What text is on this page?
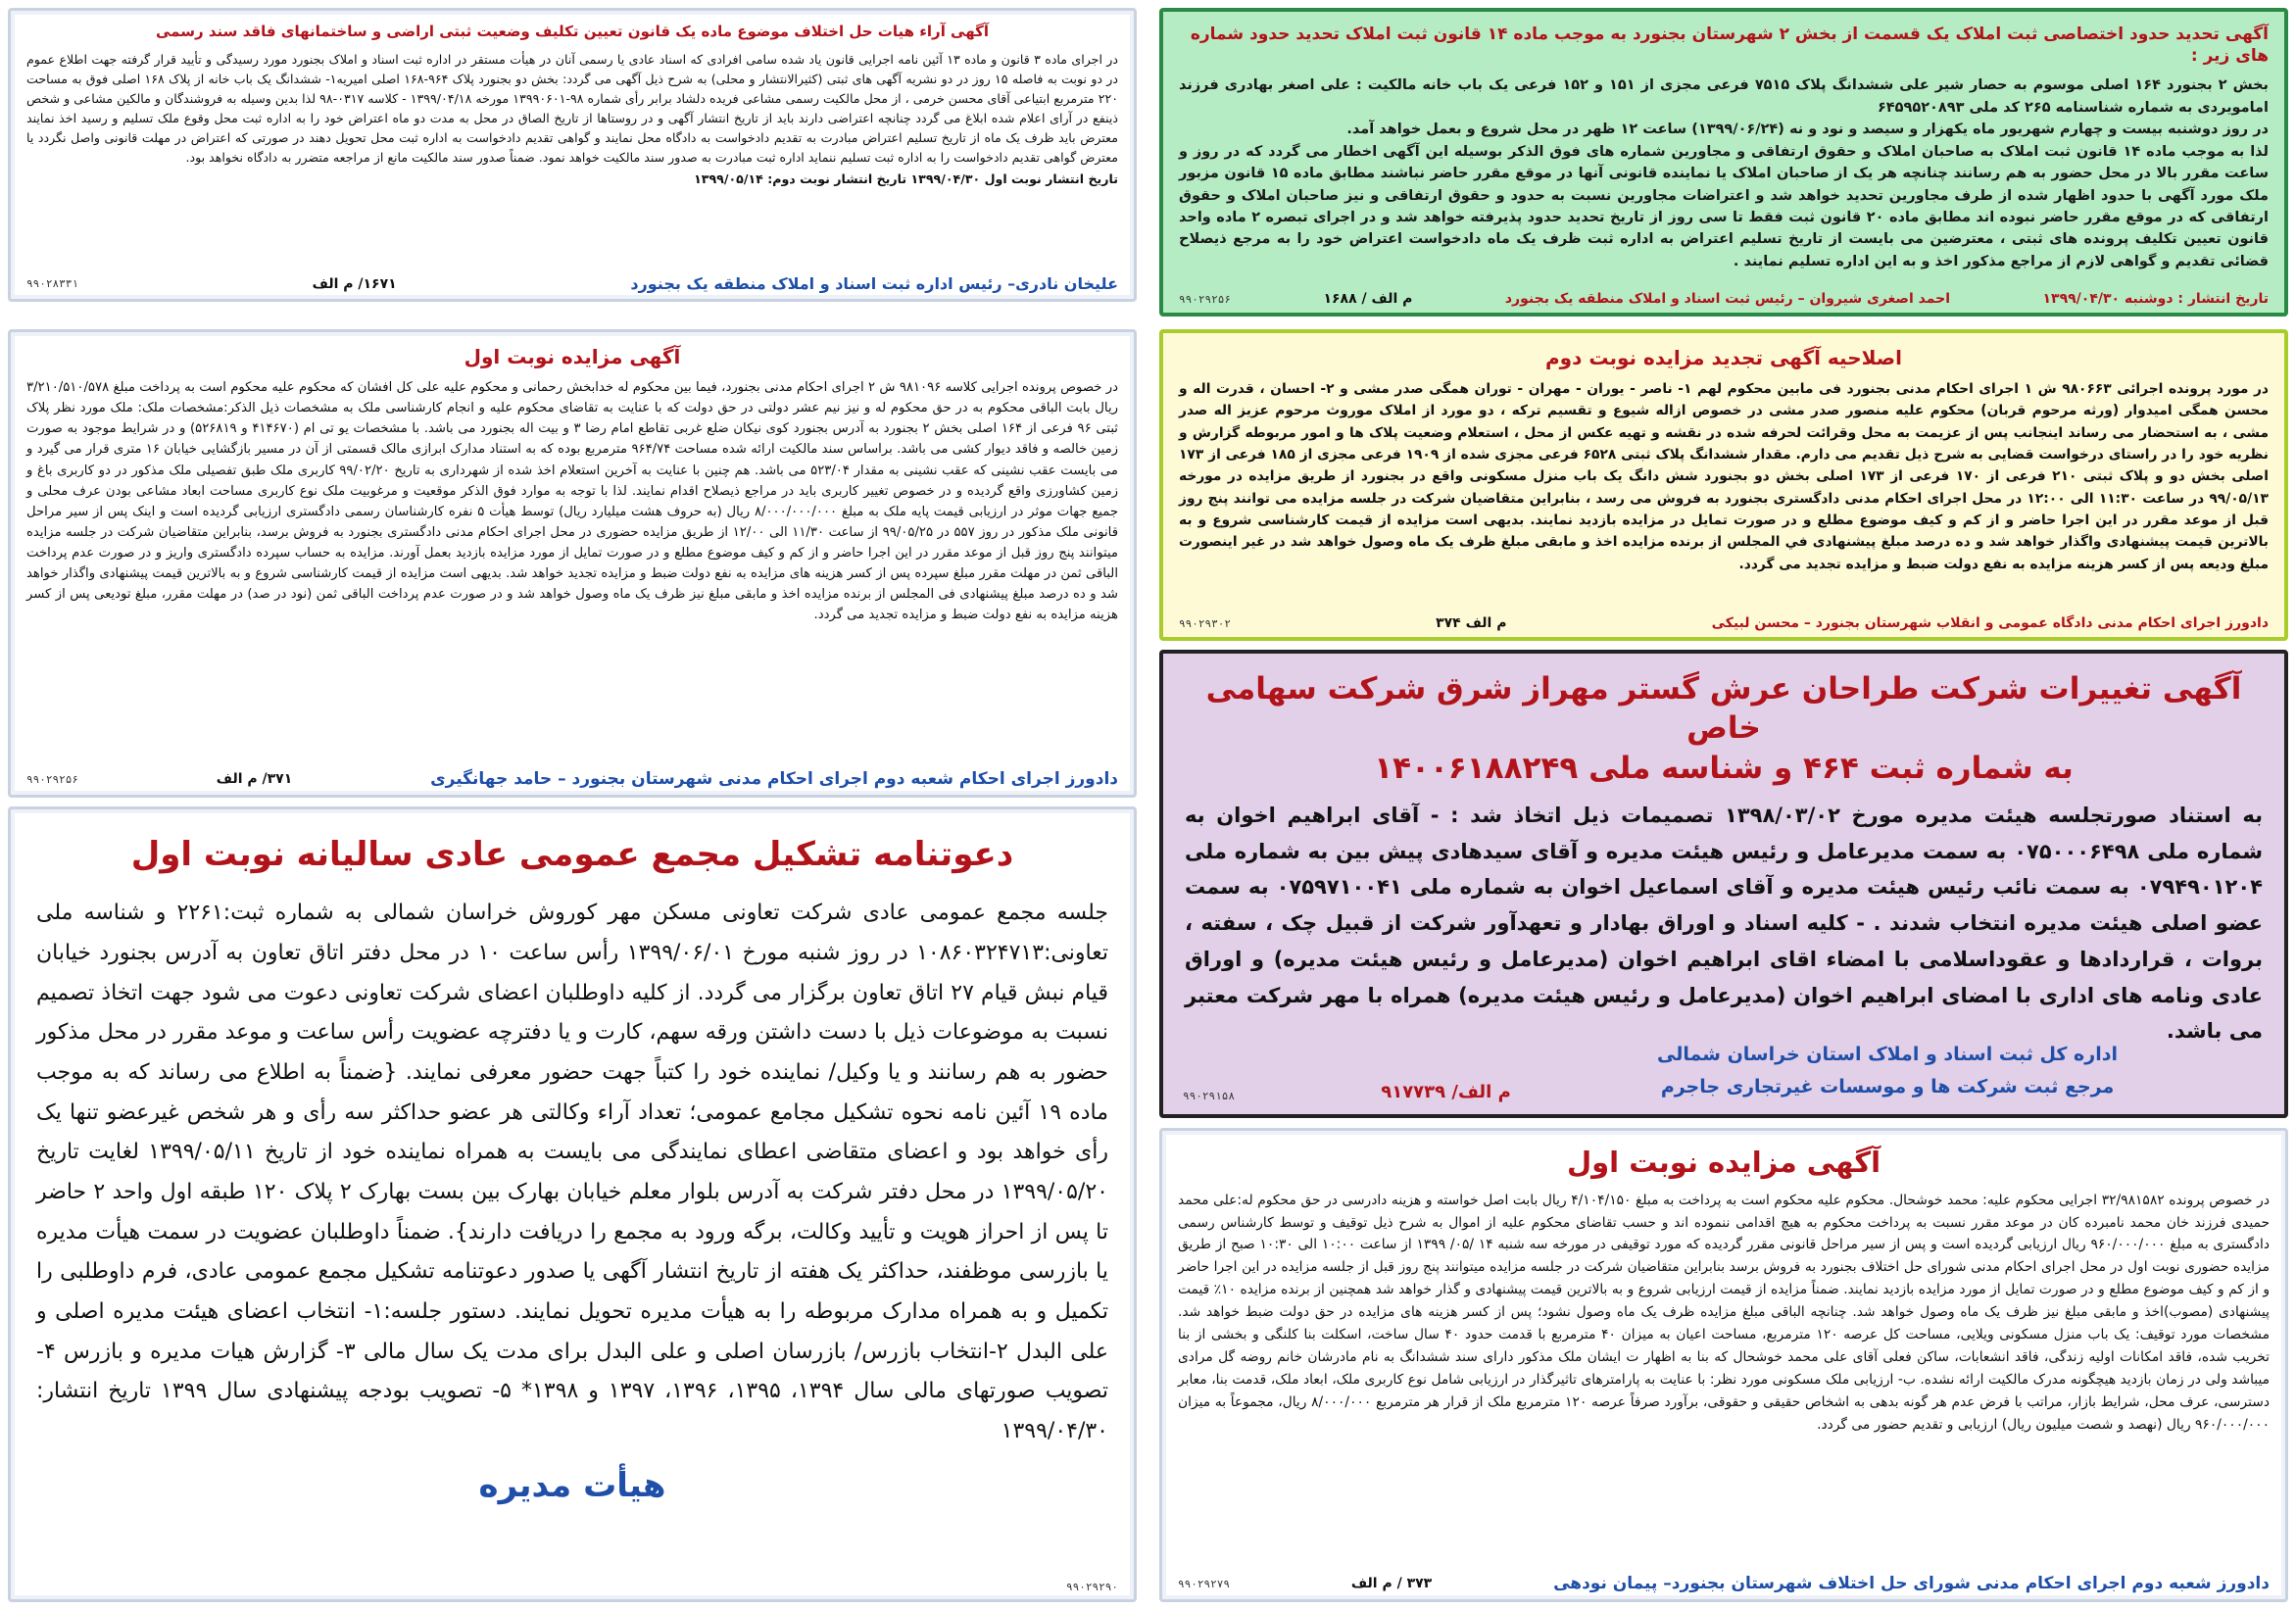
آگهی تحدید حدود اختصاصی ثبت املاک یک قسمت از بخش ۲ شهرستان بجنورد به موجب ماده ۱۴ قانون ثبت املاک تحدید حدود شماره های زیر :
بخش ۲ بجنورد ۱۶۴ اصلی موسوم به حصار شیر علی ششدانگ پلاک ۷۵۱۵ فرعی مجزی از ۱۵۱ و ۱۵۲ فرعی یک باب خانه مالکیت : علی اصغر بهادری فرزند امامویردی به شماره شناسنامه ۲۶۵ کد ملی ۶۴۵۹۵۲۰۸۹۳
در روز دوشنبه بیست و چهارم شهریور ماه یکهزار و سیصد و نود و نه (۱۳۹۹/۰۶/۲۴) ساعت ۱۲ ظهر در محل شروع و بعمل خواهد آمد.
لذا به موجب ماده ۱۴ قانون ثبت املاک به صاحبان املاک و حقوق ارتفاقی و مجاورین شماره های فوق الذکر بوسیله این آگهی اخطار می گردد که در روز و ساعت مقرر بالا در محل حضور به هم رسانند چنانچه هر یک از صاحبان املاک یا نماینده قانونی آنها در موقع مقرر حاضر نباشند مطابق ماده ۱۵ قانون مزبور ملک مورد آگهی با حدود اظهار شده از طرف مجاورین تحدید خواهد شد و اعتراضات مجاورین نسبت به حدود و حقوق ارتفاقی و نیز صاحبان املاک و حقوق ارتفاقی که در موقع مقرر حاضر نبوده اند مطابق ماده ۲۰ قانون ثبت فقط تا سی روز از تاریخ تحدید حدود پذیرفته خواهد شد و در اجرای تبصره ۲ ماده واحد قانون تعیین تکلیف پرونده های ثبتی ، معترضین می بایست از تاریخ تسلیم اعتراض به اداره ثبت ظرف یک ماه دادخواست اعتراض خود را به مرجع ذیصلاح قضائی تقدیم و گواهی لازم از مراجع مذکور اخذ و به این اداره تسلیم نمایند .
تاریخ انتشار : دوشنبه ۱۳۹۹/۰۴/۳۰
احمد اصغری شیروان – رئیس ثبت اسناد و املاک منطقه یک بجنورد
م الف / ۱۶۸۸
۹۹۰۲۹۲۵۶
اصلاحیه آگهی تجدید مزایده نوبت دوم
در مورد پرونده اجرائی ۹۸۰۶۶۳ ش ۱ اجرای احکام مدنی بجنورد فی مابین محکوم لهم ۱- ناصر - یوران - مهران - توران همگی صدر مشی و ۲- احسان ، قدرت اله و محسن همگی امیدوار (ورثه مرحوم قربان) محکوم علیه منصور صدر مشی در خصوص ازاله شیوع و تقسیم ترکه ، دو مورد از املاک موروث مرحوم عزیز اله صدر مشی ، به استحضار می رساند اینجانب پس از عزیمت به محل وقرائت لحرفه شده در نقشه و تهیه عکس از محل ، استعلام وضعیت پلاک ها و امور مربوطه گزارش و نظریه خود را در راستای درخواست قضایی به شرح ذیل تقدیم می دارم. مقدار ششدانگ پلاک ثبتی ۶۵۲۸ فرعی مجزی شده از ۱۹۰۹ فرعی مجزی از ۱۸۵ فرعی از ۱۷۳ اصلی بخش دو و پلاک ثبتی ۲۱۰ فرعی از ۱۷۰ فرعی از ۱۷۳ اصلی بخش دو بجنورد شش دانگ یک باب منزل مسکونی واقع در بجنورد از طریق مزایده در مورخه ۹۹/۰۵/۱۳ در ساعت ۱۱:۳۰ الی ۱۲:۰۰ در محل اجرای احکام مدنی دادگستری بجنورد به فروش می رسد ، بنابراین متقاضیان شرکت در جلسه مزایده می توانند پنج روز قبل از موعد مقرر در این اجرا حاضر و از کم و کیف موضوع مطلع و در صورت تمایل در مزایده بازدید نمایند. بدیهی است مزایده از قیمت کارشناسی شروع و به بالاترین قیمت پیشنهادی واگذار خواهد شد و ده درصد مبلغ پیشنهادی في المجلس از برنده مزایده اخذ و مابقی مبلغ ظرف یک ماه وصول خواهد شد در غیر اینصورت مبلغ ودیعه پس از کسر هزینه مزایده به نفع دولت ضبط و مزایده تجدید می گردد.
دادورز اجرای احکام مدنی دادگاه عمومی و انقلاب شهرستان بجنورد – محسن لبیکی
م الف ۳۷۴
۹۹۰۲۹۳۰۲
آگهی تغییرات شرکت طراحان عرش گستر مهراز شرق شرکت سهامی خاص
به شماره ثبت ۴۶۴ و شناسه ملی ۱۴۰۰۶۱۸۸۲۴۹
به استناد صورتجلسه هیئت مدیره مورخ ۱۳۹۸/۰۳/۰۲ تصمیمات ذیل اتخاذ شد : - آقای ابراهیم اخوان به شماره ملی ۰۷۵۰۰۰۶۴۹۸ به سمت مدیرعامل و رئیس هیئت مدیره و آقای سیدهادی پیش بین به شماره ملی ۰۷۹۴۹۰۱۲۰۴ به سمت نائب رئیس هیئت مدیره و آقای اسماعیل اخوان به شماره ملی ۰۷۵۹۷۱۰۰۴۱ به سمت عضو اصلی هیئت مدیره انتخاب شدند . - کلیه اسناد و اوراق بهادار و تعهدآور شرکت از قبیل چک ، سفته ، بروات ، قراردادها و عقوداسلامی با امضاء اقای ابراهیم اخوان (مدیرعامل و رئیس هیئت مدیره) و اوراق عادی ونامه های اداری با امضای ابراهیم اخوان (مدیرعامل و رئیس هیئت مدیره) همراه با مهر شرکت معتبر می باشد.
اداره کل ثبت اسناد و املاک استان خراسان شمالی
مرجع ثبت شرکت ها و موسسات غیرتجاری جاجرم
م الف/ ۹۱۷۷۳۹
۹۹۰۲۹۱۵۸
آگهی مزایده نوبت اول
در خصوص پرونده ۳۲/۹۸۱۵۸۲ اجرایی محکوم علیه: محمد خوشحال. محکوم علیه محکوم است به پرداخت به مبلغ ۴/۱۰۴/۱۵۰ ریال بابت اصل خواسته و هزینه دادرسی در حق محکوم له:علی محمد حمیدی فرزند خان محمد نامبرده کان در موعد مقرر نسبت به پرداخت محکوم به هیچ اقدامی ننموده اند و حسب تقاضای محکوم علیه از اموال به شرح ذیل توقیف و توسط کارشناس رسمی دادگستری به مبلغ ۹۶۰/۰۰۰/۰۰۰ ریال ارزیابی گردیده است و پس از سیر مراحل قانونی مقرر گردیده که مورد توقیفی در مورخه سه شنبه ۱۴ /۰۵/ ۱۳۹۹ از ساعت ۱۰:۰۰ الی ۱۰:۳۰ صبح از طریق مزایده حضوری نوبت اول در محل اجرای احکام مدنی شورای حل اختلاف بجنورد به فروش برسد بنابراین متقاضیان شرکت در جلسه مزایده میتوانند پنج روز قبل از جلسه مزایده در این اجرا حاضر و از کم و کیف موضوع مطلع و در صورت تمایل از مورد مزایده بازدید نمایند. ضمناً مزایده از قیمت ارزیابی شروع و به بالاترین قیمت پیشنهادی و گذار خواهد شد همچنین از برنده مزایده ۱۰٪ قیمت پیشنهادی (مصوب)اخذ و مابقی مبلغ نیز ظرف یک ماه وصول خواهد شد. چنانچه الباقی مبلغ مزایده ظرف یک ماه وصول نشود؛ پس از کسر هزینه های مزایده در حق دولت ضبط خواهد شد. مشخصات مورد توقیف: یک باب منزل مسکونی ویلایی، مساحت کل عرصه ۱۲۰ مترمربع، مساحت اعیان به میزان ۴۰ مترمربع با قدمت حدود ۴۰ سال ساخت، اسکلت بنا کلنگی و بخشی از بنا تخریب شده، فاقد امکانات اولیه زندگی، فاقد انشعابات، ساکن فعلی آقای علی محمد خوشحال که بنا به اظهار ت ایشان ملک مذکور دارای سند ششدانگ به نام مادرشان خانم روضه گل مرادی میباشد ولی در زمان بازدید هیچگونه مدرک مالکیت ارائه نشده. ب- ارزیابی ملک مسکونی مورد نظر: با عنایت به پارامترهای تاثیرگذار در ارزیابی شامل نوع کاربری ملک، ابعاد ملک، قدمت بنا، معابر دسترسی، عرف محل، شرایط بازار، مراتب با فرض عدم هر گونه بدهی به اشخاص حقیقی و حقوقی، برآورد صرفاً عرصه ۱۲۰ مترمربع ملک از قرار هر مترمربع ۸/۰۰۰/۰۰۰ ریال، مجموعاً به میزان ۹۶۰/۰۰۰/۰۰۰ ریال (نهصد و شصت میلیون ریال) ارزیابی و تقدیم حضور می گردد.
دادورز شعبه دوم اجرای احکام مدنی شورای حل اختلاف شهرستان بجنورد– پیمان نودهی
۳۷۳ / م الف
۹۹۰۲۹۲۷۹
آگهی آراء هیات حل اختلاف موضوع ماده یک قانون تعیین تکلیف وضعیت ثبتی اراضی و ساختمانهای فاقد سند رسمی
در اجرای ماده ۳ قانون و ماده ۱۳ آئین نامه اجرایی قانون یاد شده سامی افرادی که اسناد عادی یا رسمی آنان در هیأت مستقر در اداره ثبت اسناد و املاک بجنورد مورد رسیدگی و تأیید قرار گرفته جهت اطلاع عموم در دو نوبت به فاصله ۱۵ روز در دو نشریه آگهی های ثبتی (کثیرالانتشار و محلی) به شرح ذیل آگهی می گردد: بخش دو بجنورد پلاک ۹۶۴-۱۶۸ اصلی امیریه۱- ششدانگ یک باب خانه از پلاک ۱۶۸ اصلی فوق به مساحت ۲۲۰ مترمربع ابتیاعی آقای محسن خرمی ، از محل مالکیت رسمی مشاعی فریده دلشاد برابر رأی شماره ۹۸-۱۳۹۹۰۶۰۱ مورخه ۱۳۹۹/۰۴/۱۸ - کلاسه ۰۳۱۷-۹۸ لذا بدین وسیله به فروشندگان و مالکین مشاعی و شخص ذینفع در آرای اعلام شده ابلاغ می گردد چنانچه اعتراضی دارند باید از تاریخ انتشار آگهی و در روستاها از تاریخ الصاق در محل به مدت دو ماه اعتراض خود را به اداره ثبت محل وقوع ملک تسلیم و رسید اخذ نمایند معترض باید ظرف یک ماه از تاریخ تسلیم اعتراض مبادرت به تقدیم دادخواست به دادگاه محل نمایند و گواهی تقدیم دادخواست به اداره ثبت محل تحویل دهند در صورتی که اعتراض در مهلت قانونی واصل نگردد یا معترض گواهی تقدیم دادخواست را به اداره ثبت تسلیم ننماید اداره ثبت مبادرت به صدور سند مالکیت خواهد نمود. ضمناً صدور سند مالکیت مانع از مراجعه متضرر به دادگاه نخواهد بود.
تاریخ انتشار نوبت اول ۱۳۹۹/۰۴/۳۰ تاریخ انتشار نوبت دوم: ۱۳۹۹/۰۵/۱۴
علیخان نادری– رئیس اداره ثبت اسناد و املاک منطقه یک بجنورد
۱۶۷۱/ م الف
۹۹۰۲۸۳۳۱
آگهی مزایده نوبت اول
در خصوص پرونده اجرایی کلاسه ۹۸۱۰۹۶ ش ۲ اجرای احکام مدنی بجنورد، فیما بین محکوم له خدابخش رحمانی و محکوم علیه علی کل افشان که محکوم علیه محکوم است به پرداخت مبلغ ۳/۲۱۰/۵۱۰/۵۷۸ ریال بابت الباقی محکوم به در حق محکوم له و نیز نیم عشر دولتی در حق دولت که با عنایت به تقاضای محکوم علیه و انجام کارشناسی ملک به مشخصات ذیل الذکر:مشخصات ملک: ملک مورد نظر پلاک ثبتی ۹۶ فرعی از ۱۶۴ اصلی بخش ۲ بجنورد به آدرس بجنورد کوی نیکان ضلع غربی تقاطع امام رضا ۳ و بیت اله بجنورد می باشد. با مشخصات یو تی ام (۴۱۴۶۷۰ و ۵۲۶۸۱۹) و در شرایط موجود به صورت زمین خالصه و فاقد دیوار کشی می باشد. براساس سند مالکیت ارائه شده مساحت ۹۶۴/۷۴ مترمربع بوده که به استناد مدارک ابرازی مالک قسمتی از آن در مسیر بازگشایی خیابان ۱۶ متری قرار می گیرد و می بایست عقب نشینی که عقب نشینی به مقدار ۵۲۳/۰۴ می باشد. هم چنین با عنایت به آخرین استعلام اخذ شده از شهرداری به تاریخ ۹۹/۰۲/۲۰ کاربری ملک طبق تفصیلی ملک مذکور در دو کاربری باغ و زمین کشاورزی واقع گردیده و در خصوص تغییر کاربری باید در مراجع ذیصلاح اقدام نمایند. لذا با توجه به موارد فوق الذکر موقعیت و مرغوبیت ملک نوع کاربری مساحت ابعاد مشاعی بودن عرف محلی و جمیع جهات موثر در ارزیابی قیمت پایه ملک به مبلغ ۸/۰۰۰/۰۰۰/۰۰۰ ریال (به حروف هشت میلیارد ریال) توسط هیأت ۵ نفره کارشناسان رسمی دادگستری ارزیابی گردیده است و اینک پس از سیر مراحل قانونی ملک مذکور در روز ۵۵۷ در ۹۹/۰۵/۲۵ از ساعت ۱۱/۳۰ الی ۱۲/۰۰ از طریق مزایده حضوری در محل اجرای احکام مدنی دادگستری بجنورد به فروش برسد، بنابراین متقاضیان شرکت در جلسه مزایده میتوانند پنج روز قبل از موعد مقرر در این اجرا حاضر و از کم و کیف موضوع مطلع و در صورت تمایل از مورد مزایده بازدید بعمل آورند. مزایده به حساب سپرده دادگستری واریز و در صورت عدم پرداخت الباقی ثمن در مهلت مقرر مبلغ سپرده پس از کسر هزینه های مزایده به نفع دولت ضبط و مزایده تجدید خواهد شد. بدیهی است مزایده از قیمت کارشناسی شروع و به بالاترین قیمت پیشنهادی واگذار خواهد شد و ده درصد مبلغ پیشنهادی فی المجلس از برنده مزایده اخذ و مابقی مبلغ نیز ظرف یک ماه وصول خواهد شد و در صورت عدم پرداخت الباقی ثمن (نود در صد) در مهلت مقرر، مبلغ تودیعی پس از کسر هزینه مزایده به نفع دولت ضبط و مزایده تجدید می گردد.
دادورز اجرای احکام شعبه دوم اجرای احکام مدنی شهرستان بجنورد – حامد جهانگیری
۳۷۱/ م الف
۹۹۰۲۹۲۵۶
دعوتنامه تشکیل مجمع عمومی عادی سالیانه نوبت اول
جلسه مجمع عمومی عادی شرکت تعاونی مسکن مهر کوروش خراسان شمالی به شماره ثبت:۲۲۶۱ و شناسه ملی تعاونی:۱۰۸۶۰۳۲۴۷۱۳ در روز شنبه مورخ ۱۳۹۹/۰۶/۰۱ رأس ساعت ۱۰ در محل دفتر اتاق تعاون به آدرس بجنورد خیابان قیام نبش قیام ۲۷ اتاق تعاون برگزار می گردد. از کلیه داوطلبان اعضای شرکت تعاونی دعوت می شود جهت اتخاذ تصمیم نسبت به موضوعات ذیل با دست داشتن ورقه سهم، کارت و یا دفترچه عضویت رأس ساعت و موعد مقرر در محل مذکور حضور به هم رسانند و یا وکیل/ نماینده خود را کتباً جهت حضور معرفی نمایند. {ضمناً به اطلاع می رساند که به موجب ماده ۱۹ آئین نامه نحوه تشکیل مجامع عمومی؛ تعداد آراء وکالتی هر عضو حداکثر سه رأی و هر شخص غیرعضو تنها یک رأی خواهد بود و اعضای متقاضی اعطای نمایندگی می بایست به همراه نماینده خود از تاریخ ۱۳۹۹/۰۵/۱۱ لغایت تاریخ ۱۳۹۹/۰۵/۲۰ در محل دفتر شرکت به آدرس بلوار معلم خیابان بهارک بین بست بهارک ۲ پلاک ۱۲۰ طبقه اول واحد ۲ حاضر تا پس از احراز هویت و تأیید وکالت، برگه ورود به مجمع را دریافت دارند}. ضمناً داوطلبان عضویت در سمت هیأت مدیره یا بازرسی موظفند، حداکثر یک هفته از تاریخ انتشار آگهی یا صدور دعوتنامه تشکیل مجمع عمومی عادی، فرم داوطلبی را تکمیل و به همراه مدارک مربوطه را به هیأت مدیره تحویل نمایند. دستور جلسه:۱- انتخاب اعضای هیئت مدیره اصلی و علی البدل ۲-انتخاب بازرس/ بازرسان اصلی و علی البدل برای مدت یک سال مالی ۳- گزارش هیات مدیره و بازرس ۴- تصویب صورتهای مالی سال ۱۳۹۴، ۱۳۹۵، ۱۳۹۶، ۱۳۹۷ و ۱۳۹۸* ۵- تصویب بودجه پیشنهادی سال ۱۳۹۹ تاریخ انتشار: ۱۳۹۹/۰۴/۳۰
هیأت مدیره
۹۹۰۲۹۲۹۰
